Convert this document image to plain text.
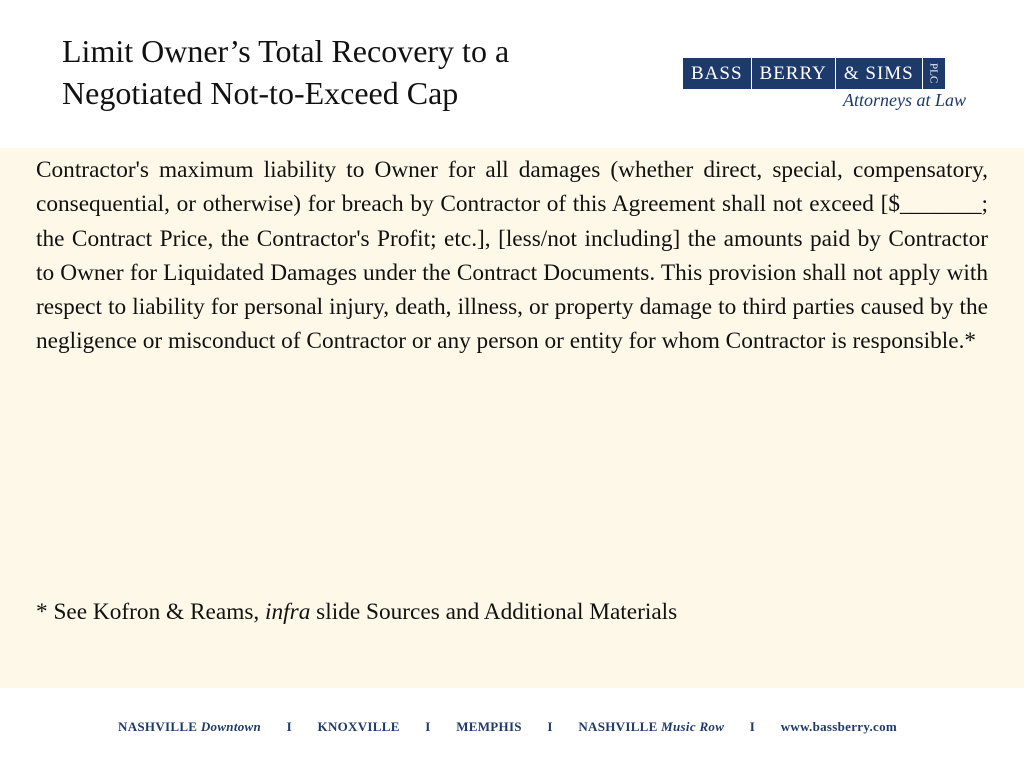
Limit Owner’s Total Recovery to a
Negotiated Not-to-Exceed Cap
BASS BERRY & SIMS	PLC
Attorneys at Law

Contractor's maximum liability to Owner for all damages (whether direct, special, compensatory, consequential, or otherwise) for breach by Contractor of this Agreement shall not exceed [$_______; the Contract Price, the Contractor's Profit; etc.], [less/not including] the amounts paid by Contractor to Owner for Liquidated Damages under the Contract Documents. This provision shall not apply with respect to liability for personal injury, death, illness, or property damage to third parties caused by the negligence or misconduct of Contractor or any person or entity for whom Contractor is responsible.*

* See Kofron & Reams, infra slide Sources and Additional Materials
NASHVILLE Downtown I KNOXVILLE I MEMPHIS I NASHVILLE Music Row I www.bassberry.com
